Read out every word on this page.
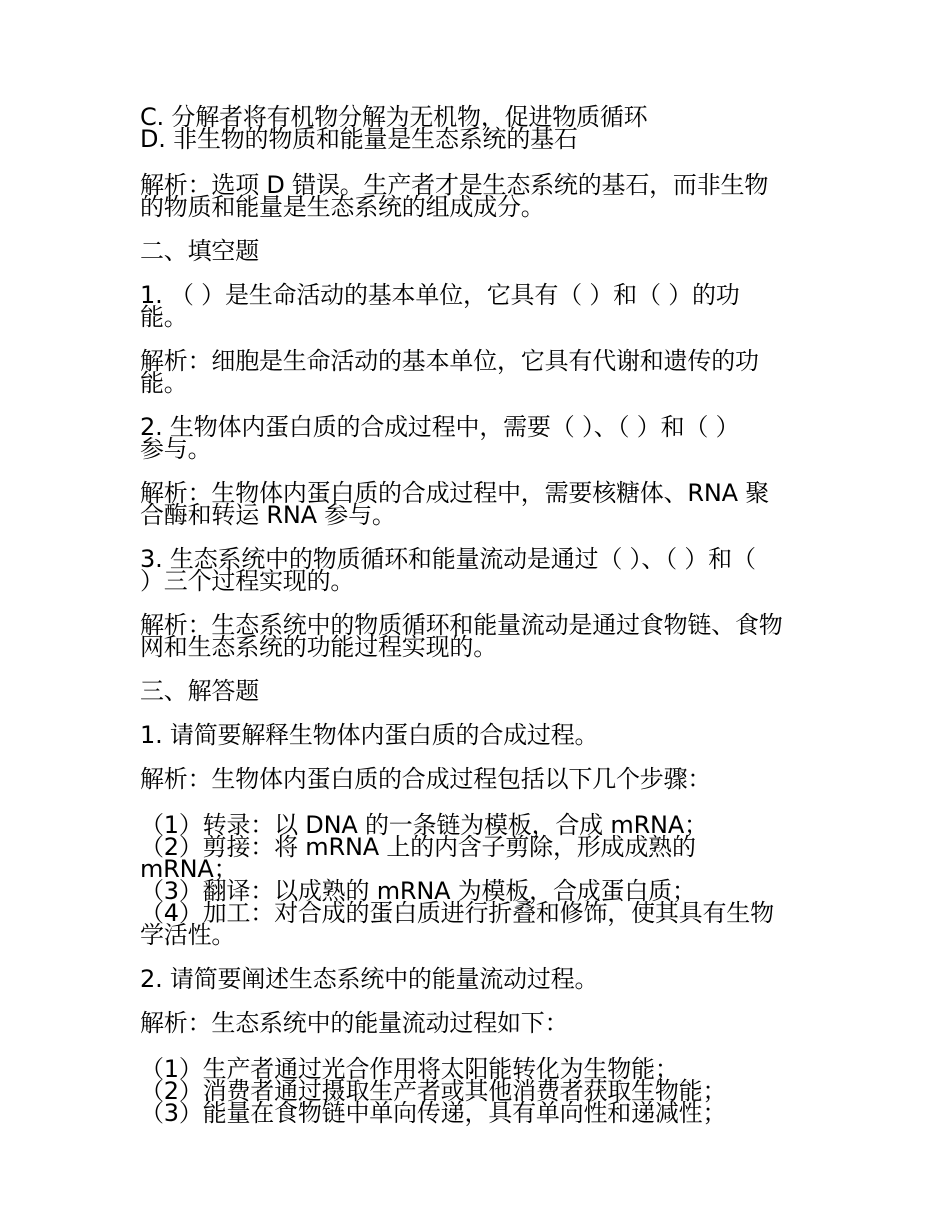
C. 分解者将有机物分解为无机物，促进物质循环
D. 非生物的物质和能量是生态系统的基石
解析：选项 D 错误。生产者才是生态系统的基石，而非生物
的物质和能量是生态系统的组成成分。
二、填空题
1. （ ）是生命活动的基本单位，它具有（ ）和（ ）的功
能。
解析：细胞是生命活动的基本单位，它具有代谢和遗传的功
能。
2. 生物体内蛋白质的合成过程中，需要（ ）、（ ）和（ ）
参与。
解析：生物体内蛋白质的合成过程中，需要核糖体、RNA 聚
合酶和转运 RNA 参与。
3. 生态系统中的物质循环和能量流动是通过（ ）、（ ）和（
）三个过程实现的。
解析：生态系统中的物质循环和能量流动是通过食物链、食物
网和生态系统的功能过程实现的。
三、解答题
1. 请简要解释生物体内蛋白质的合成过程。
解析：生物体内蛋白质的合成过程包括以下几个步骤：
（1）转录：以 DNA 的一条链为模板，合成 mRNA；
（2）剪接：将 mRNA 上的内含子剪除，形成成熟的
mRNA；
（3）翻译：以成熟的 mRNA 为模板，合成蛋白质；
（4）加工：对合成的蛋白质进行折叠和修饰，使其具有生物
学活性。
2. 请简要阐述生态系统中的能量流动过程。
解析：生态系统中的能量流动过程如下：
（1）生产者通过光合作用将太阳能转化为生物能；
（2）消费者通过摄取生产者或其他消费者获取生物能；
（3）能量在食物链中单向传递，具有单向性和递减性；
